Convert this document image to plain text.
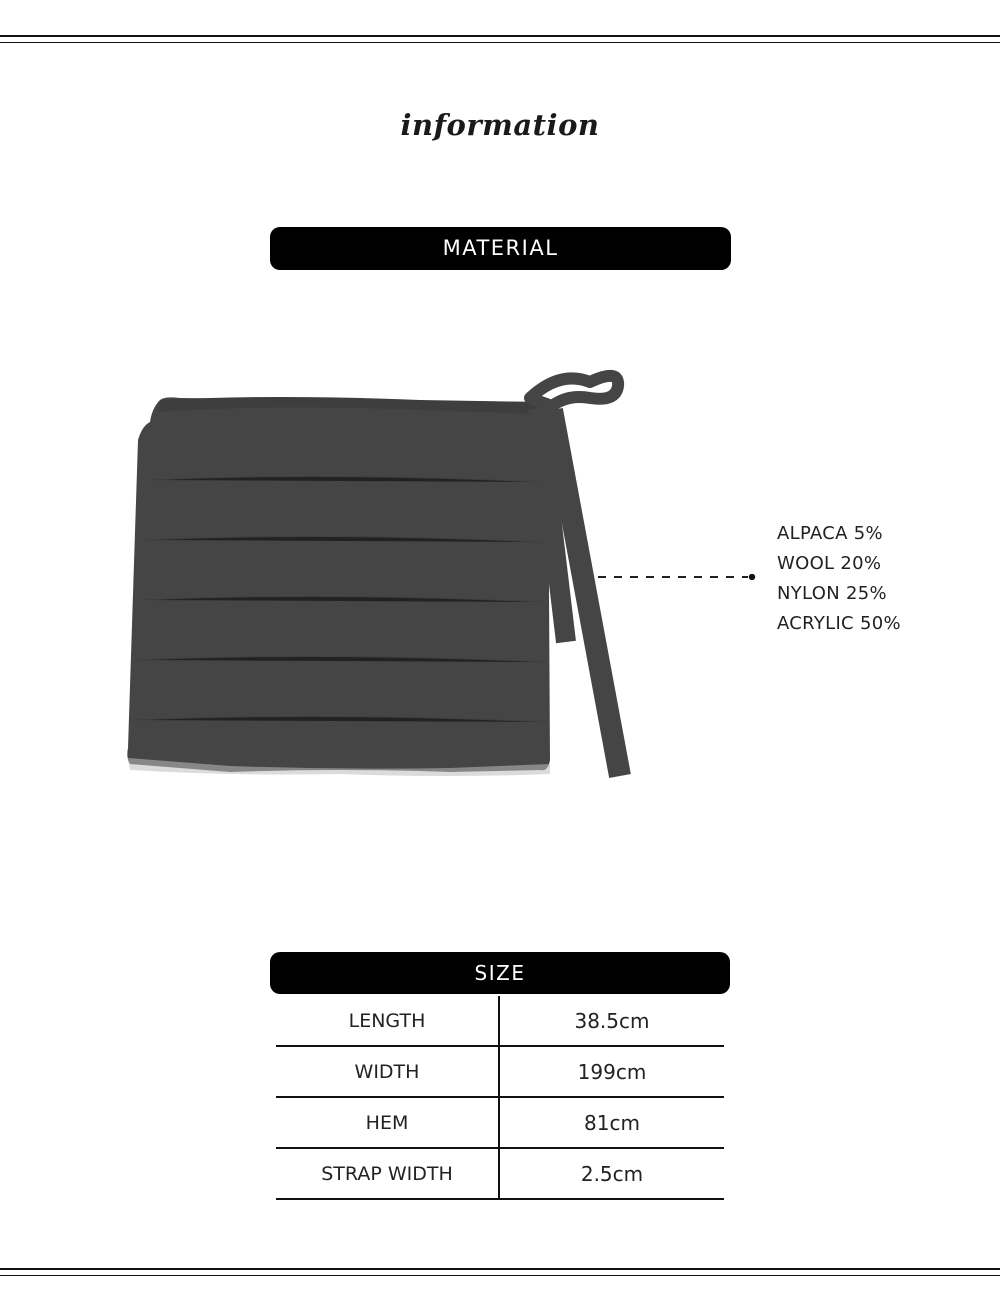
information
MATERIAL
ALPACA 5%
WOOL 20%
NYLON 25%
ACRYLIC 50%
SIZE
LENGTH	38.5cm
WIDTH	199cm
HEM	81cm
STRAP WIDTH	2.5cm
